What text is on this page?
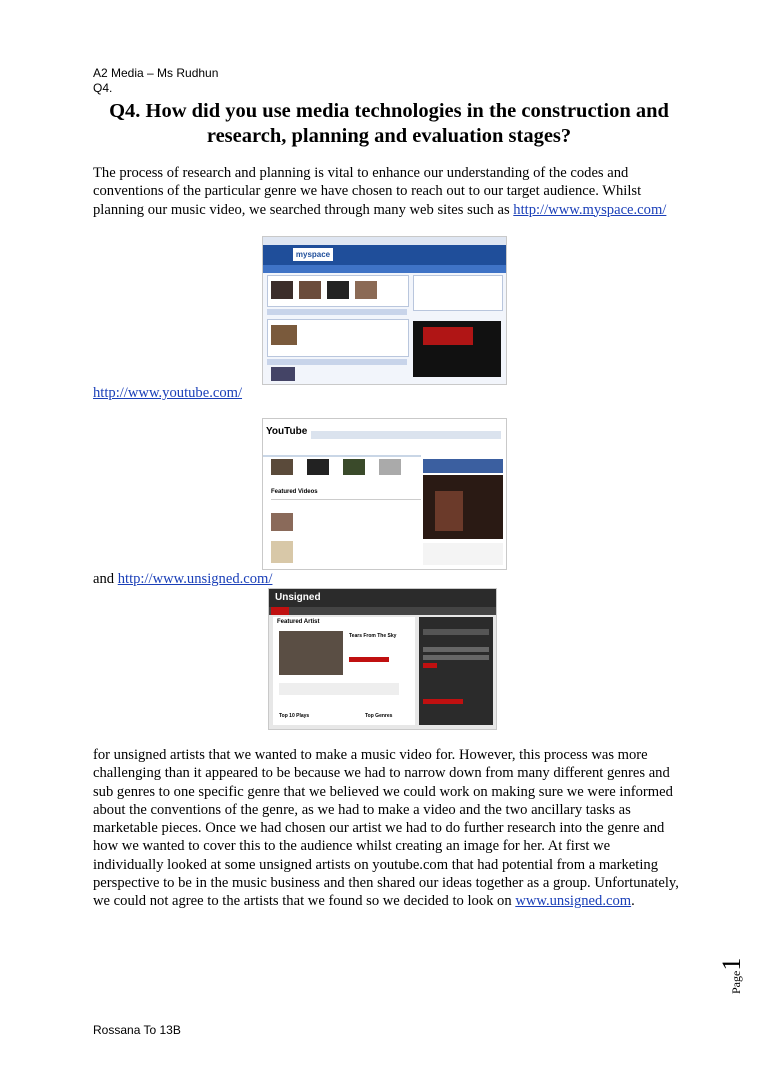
A2 Media – Ms Rudhun
Q4.
Q4. How did you use media technologies in the construction and research, planning and evaluation stages?
The process of research and planning is vital to enhance our understanding of the codes and conventions of the particular genre we have chosen to reach out to our target audience. Whilst planning our music video, we searched through many web sites such as http://www.myspace.com/
myspace
http://www.youtube.com/
YouTube
Featured Videos
and http://www.unsigned.com/
Unsigned
Featured Artist
Tears From The Sky
Top 10 Plays	Top Genres
for unsigned artists that we wanted to make a music video for. However, this process was more challenging than it appeared to be because we had to narrow down from many different genres and sub genres to one specific genre that we believed we could work on making sure we were informed about the conventions of the genre, as we had to make a video and the two ancillary tasks as marketable pieces. Once we had chosen our artist we had to do further research into the genre and how we wanted to cover this to the audience whilst creating an image for her. At first we individually looked at some unsigned artists on youtube.com that had potential from a marketing perspective to be in the music business and then shared our ideas together as a group. Unfortunately, we could not agree to the artists that we found so we decided to look on www.unsigned.com.
Page1
Rossana To 13B
